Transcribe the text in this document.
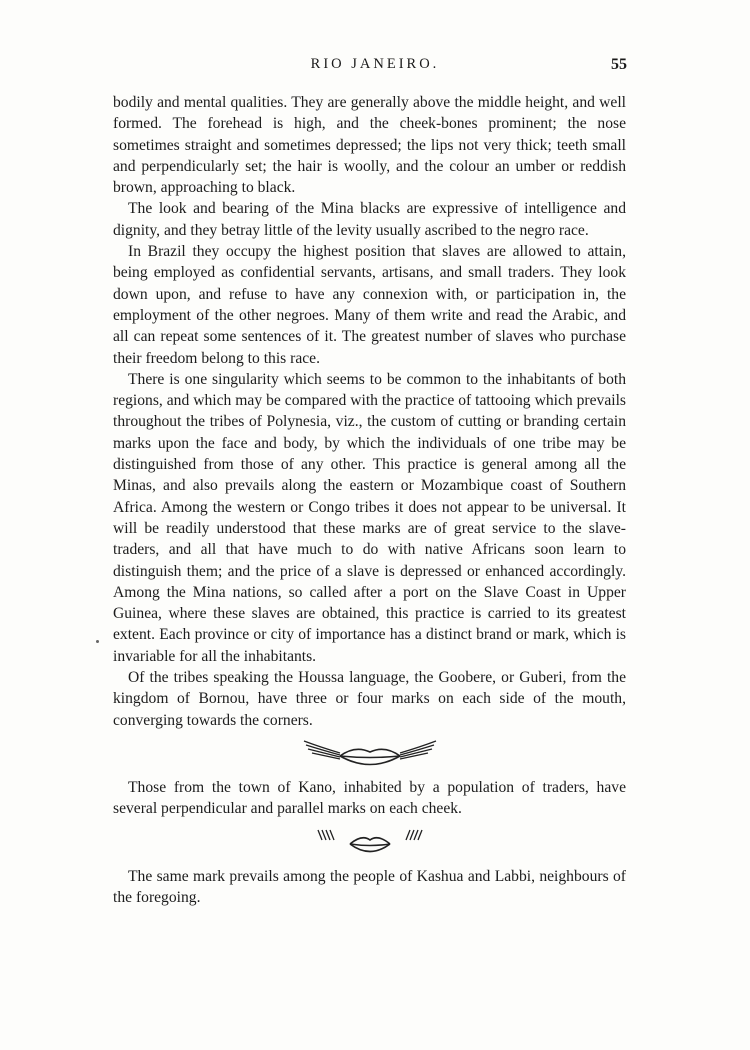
RIO JANEIRO.	55

bodily and mental qualities. They are generally above the middle height, and well formed. The forehead is high, and the cheek-bones prominent; the nose sometimes straight and sometimes depressed; the lips not very thick; teeth small and perpendicularly set; the hair is woolly, and the colour an umber or reddish brown, approaching to black.

The look and bearing of the Mina blacks are expressive of intelligence and dignity, and they betray little of the levity usually ascribed to the negro race.

In Brazil they occupy the highest position that slaves are allowed to attain, being employed as confidential servants, artisans, and small traders. They look down upon, and refuse to have any connexion with, or participation in, the employment of the other negroes. Many of them write and read the Arabic, and all can repeat some sentences of it. The greatest number of slaves who purchase their freedom belong to this race.

There is one singularity which seems to be common to the inhabitants of both regions, and which may be compared with the practice of tattooing which prevails throughout the tribes of Polynesia, viz., the custom of cutting or branding certain marks upon the face and body, by which the individuals of one tribe may be distinguished from those of any other. This practice is general among all the Minas, and also prevails along the eastern or Mozambique coast of Southern Africa. Among the western or Congo tribes it does not appear to be universal. It will be readily understood that these marks are of great service to the slave-traders, and all that have much to do with native Africans soon learn to distinguish them; and the price of a slave is depressed or enhanced accordingly. Among the Mina nations, so called after a port on the Slave Coast in Upper Guinea, where these slaves are obtained, this practice is carried to its greatest extent. Each province or city of importance has a distinct brand or mark, which is invariable for all the inhabitants.

Of the tribes speaking the Houssa language, the Goobere, or Guberi, from the kingdom of Bornou, have three or four marks on each side of the mouth, converging towards the corners.

Those from the town of Kano, inhabited by a population of traders, have several perpendicular and parallel marks on each cheek.

The same mark prevails among the people of Kashua and Labbi, neighbours of the foregoing.
